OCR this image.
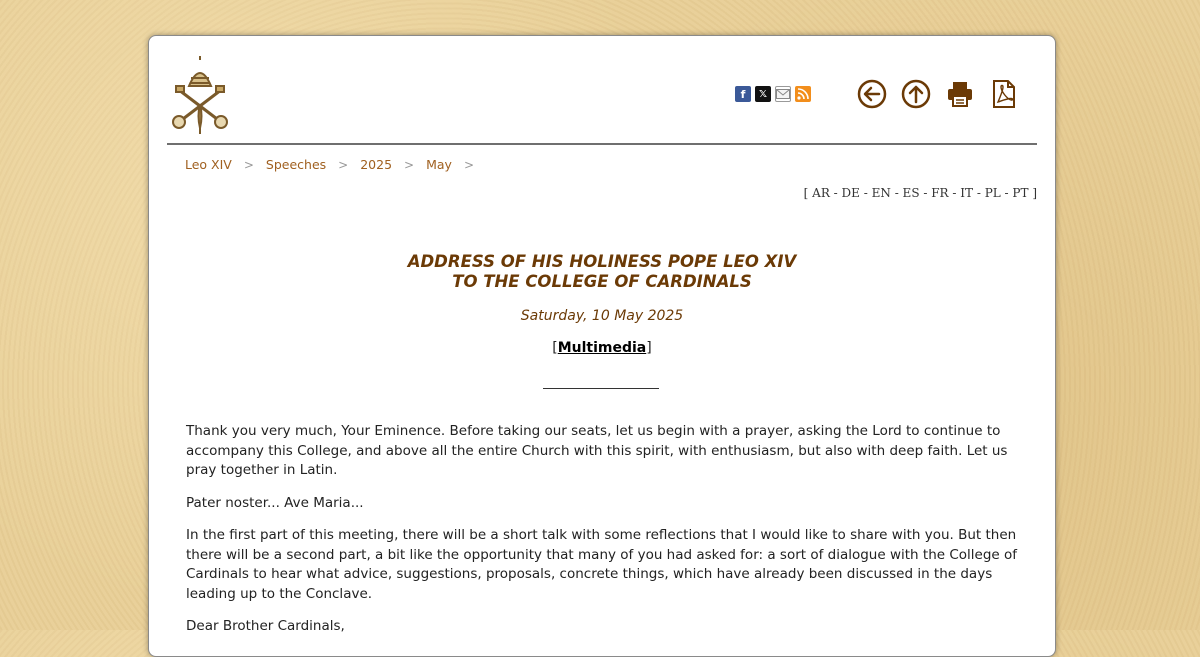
f 𝕏
Leo XIV > Speeches > 2025 > May >
[ AR - DE - EN - ES - FR - IT - PL - PT ]
ADDRESS OF HIS HOLINESS POPE LEO XIV
TO THE COLLEGE OF CARDINALS
Saturday, 10 May 2025
[Multimedia]

Thank you very much, Your Eminence. Before taking our seats, let us begin with a prayer, asking the Lord to continue to accompany this College, and above all the entire Church with this spirit, with enthusiasm, but also with deep faith. Let us pray together in Latin.

Pater noster... Ave Maria...

In the first part of this meeting, there will be a short talk with some reflections that I would like to share with you. But then there will be a second part, a bit like the opportunity that many of you had asked for: a sort of dialogue with the College of Cardinals to hear what advice, suggestions, proposals, concrete things, which have already been discussed in the days leading up to the Conclave.

Dear Brother Cardinals,
